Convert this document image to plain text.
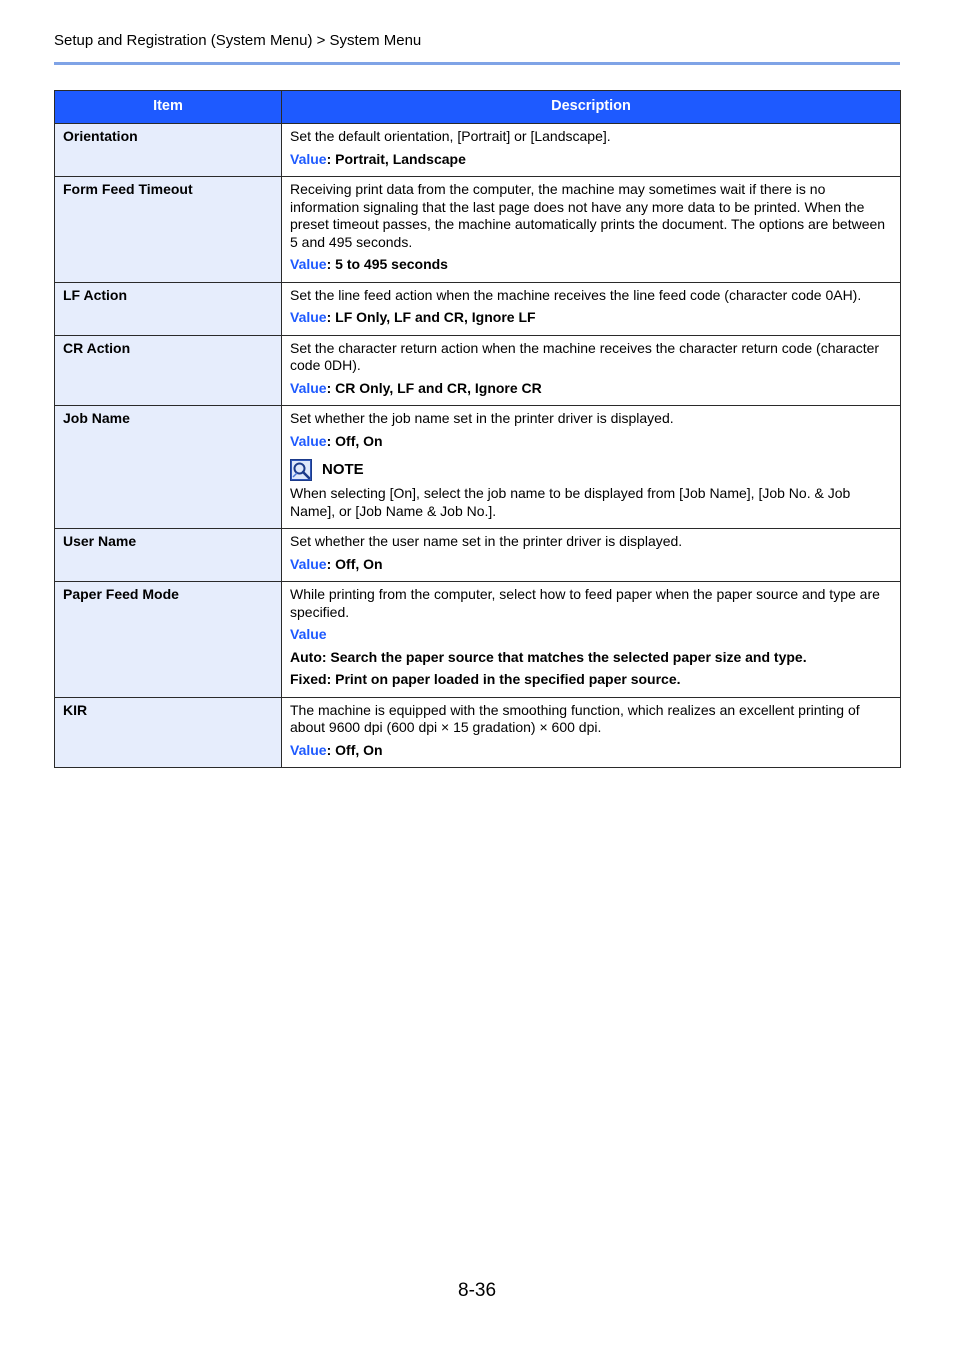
Setup and Registration (System Menu) > System Menu
Item	Description
Orientation	Set the default orientation, [Portrait] or [Landscape].

Value: Portrait, Landscape

Form Feed Timeout	Receiving print data from the computer, the machine may sometimes wait if there is no information signaling that the last page does not have any more data to be printed. When the preset timeout passes, the machine automatically prints the document. The options are between 5 and 495 seconds.

Value: 5 to 495 seconds

LF Action	Set the line feed action when the machine receives the line feed code (character code 0AH).

Value: LF Only, LF and CR, Ignore LF

CR Action	Set the character return action when the machine receives the character return code (character code 0DH).

Value: CR Only, LF and CR, Ignore CR

Job Name	Set whether the job name set in the printer driver is displayed.

Value: Off, On

NOTE

When selecting [On], select the job name to be displayed from [Job Name], [Job No. & Job Name], or [Job Name & Job No.].

User Name	Set whether the user name set in the printer driver is displayed.

Value: Off, On

Paper Feed Mode	While printing from the computer, select how to feed paper when the paper source and type are specified.

Value

Auto: Search the paper source that matches the selected paper size and type.

Fixed: Print on paper loaded in the specified paper source.

KIR	The machine is equipped with the smoothing function, which realizes an excellent printing of about 9600 dpi (600 dpi × 15 gradation) × 600 dpi.

Value: Off, On

8-36
